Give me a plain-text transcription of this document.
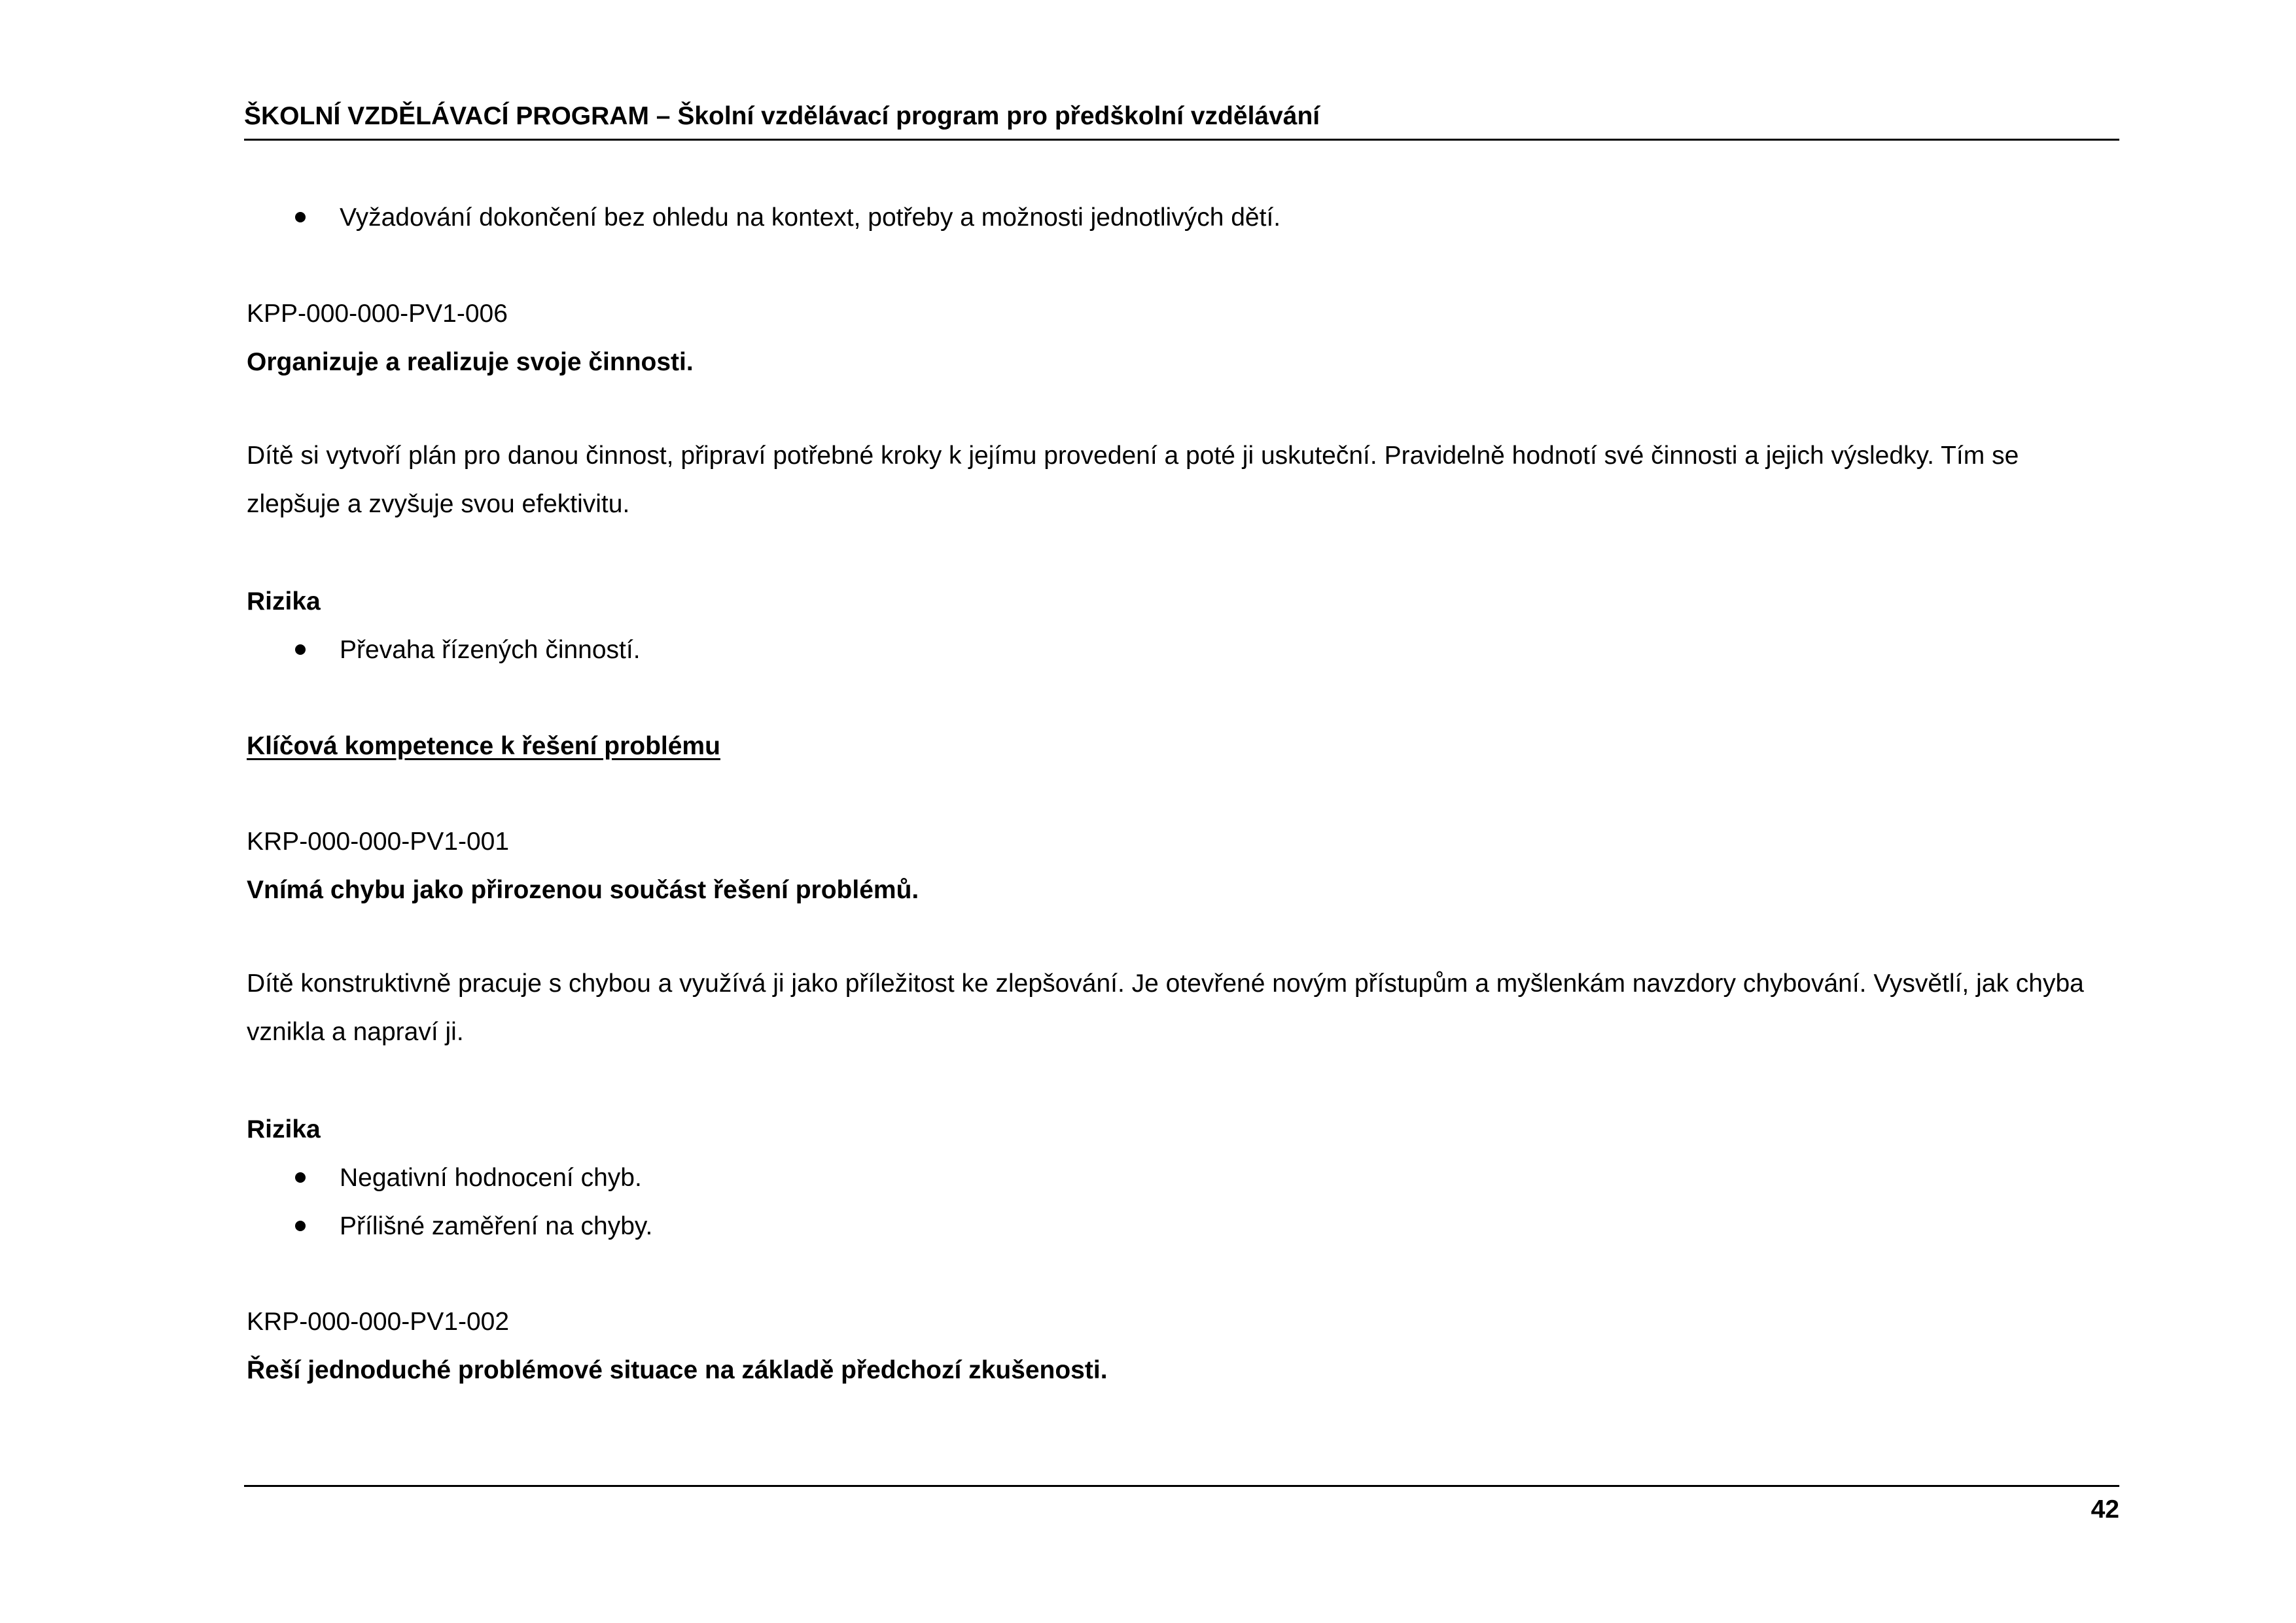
ŠKOLNÍ VZDĚLÁVACÍ PROGRAM – Školní vzdělávací program pro předškolní vzdělávání
Vyžadování dokončení bez ohledu na kontext, potřeby a možnosti jednotlivých dětí.
KPP-000-000-PV1-006
Organizuje a realizuje svoje činnosti.
Dítě si vytvoří plán pro danou činnost, připraví potřebné kroky k jejímu provedení a poté ji uskuteční. Pravidelně hodnotí své činnosti a jejich výsledky. Tím se zlepšuje a zvyšuje svou efektivitu.
Rizika
Převaha řízených činností.
Klíčová kompetence k řešení problému
KRP-000-000-PV1-001
Vnímá chybu jako přirozenou součást řešení problémů.
Dítě konstruktivně pracuje s chybou a využívá ji jako příležitost ke zlepšování. Je otevřené novým přístupům a myšlenkám navzdory chybování. Vysvětlí, jak chyba vznikla a napraví ji.
Rizika
Negativní hodnocení chyb.
Přílišné zaměření na chyby.
KRP-000-000-PV1-002
Řeší jednoduché problémové situace na základě předchozí zkušenosti.
42
